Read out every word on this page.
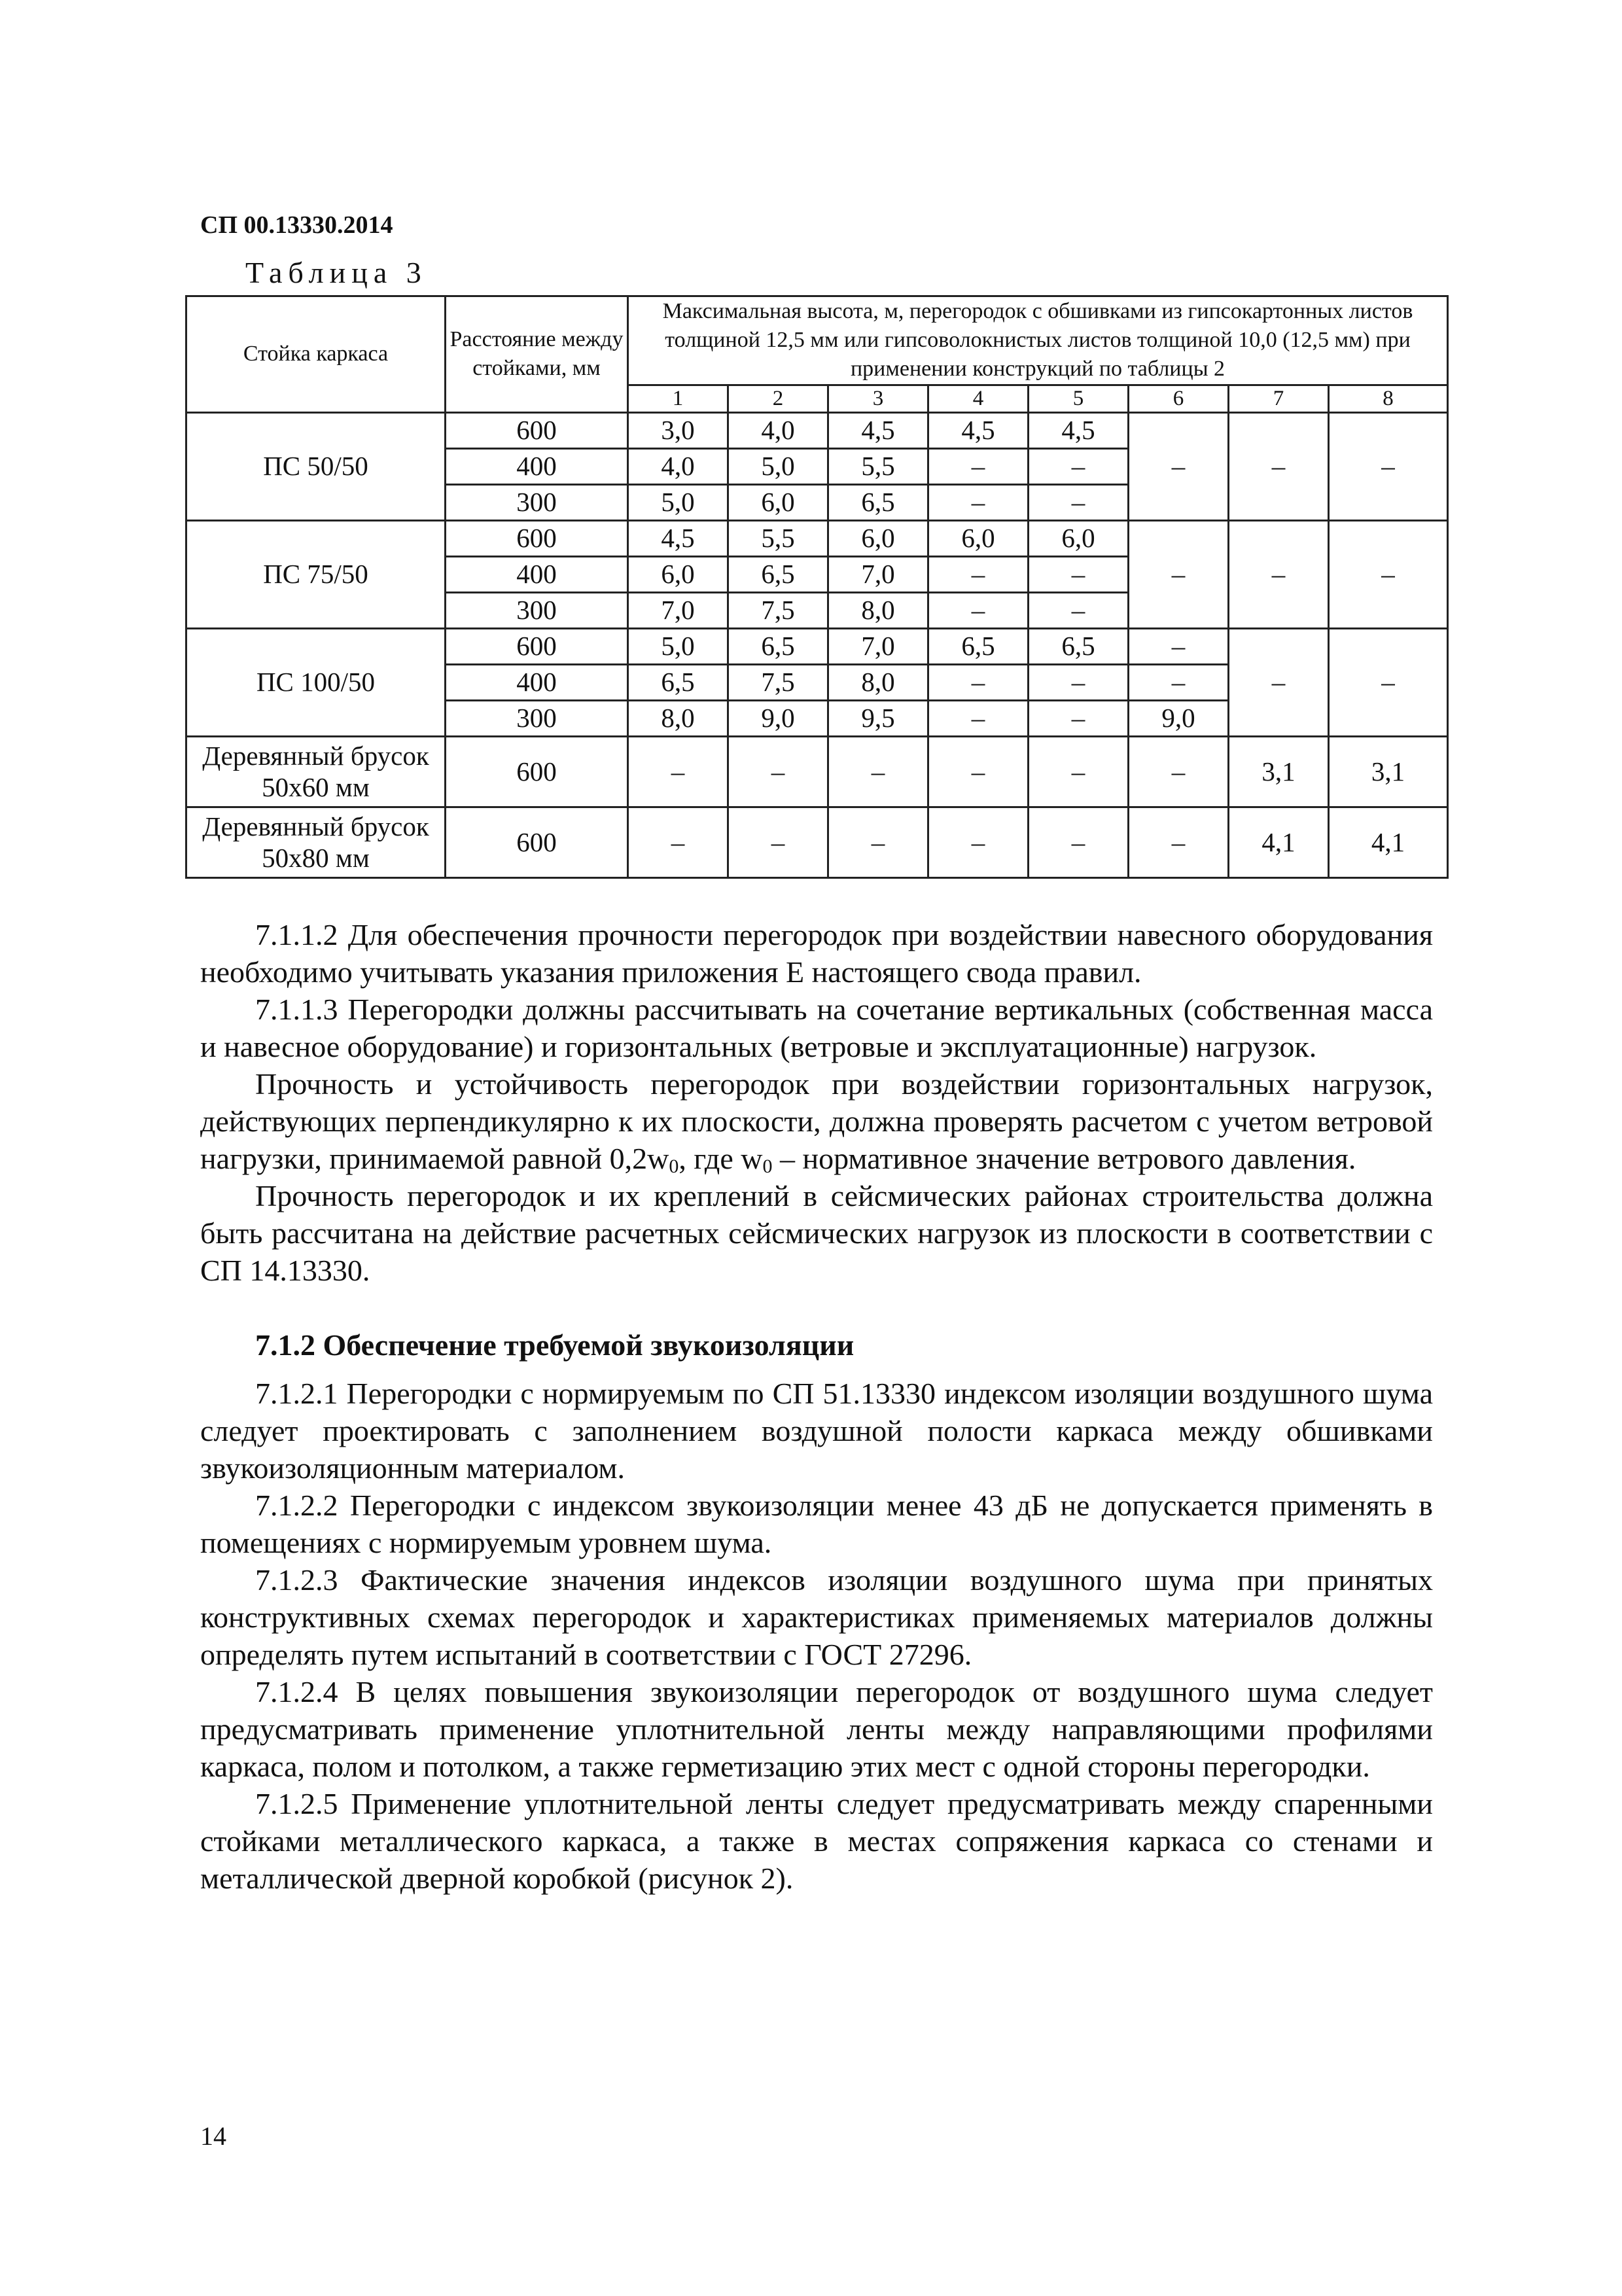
СП 00.13330.2014
Таблица 3
Стойка каркаса	Расстояние между стойками, мм	Максимальная высота, м, перегородок с обшивками из гипсокартонных листов толщиной 12,5 мм или гипсоволокнистых листов толщиной 10,0 (12,5 мм) при применении конструкций по таблицы 2							
		1	2	3	4	5	6	7	8
ПС 50/50	600	3,0	4,0	4,5	4,5	4,5	–	–	–
	400	4,0	5,0	5,5	–	–			
	300	5,0	6,0	6,5	–	–			
ПС 75/50	600	4,5	5,5	6,0	6,0	6,0	–	–	–
	400	6,0	6,5	7,0	–	–			
	300	7,0	7,5	8,0	–	–			
ПС 100/50	600	5,0	6,5	7,0	6,5	6,5	–	–	–
	400	6,5	7,5	8,0	–	–	–		
	300	8,0	9,0	9,5	–	–	9,0		
Деревянный брусок 50х60 мм	600	–	–	–	–	–	–	3,1	3,1
Деревянный брусок 50х80 мм	600	–	–	–	–	–	–	4,1	4,1

7.1.1.2 Для обеспечения прочности перегородок при воздействии навесного оборудования необходимо учитывать указания приложения Е настоящего свода правил.

7.1.1.3 Перегородки должны рассчитывать на сочетание вертикальных (собственная масса и навесное оборудование) и горизонтальных (ветровые и эксплуатационные) нагрузок.

Прочность и устойчивость перегородок при воздействии горизонтальных нагрузок, действующих перпендикулярно к их плоскости, должна проверять расчетом с учетом ветровой нагрузки, принимаемой равной $0,2w_0$, где $w_0$ – нормативное значение ветрового давления.

Прочность перегородок и их креплений в сейсмических районах строительства должна быть рассчитана на действие расчетных сейсмических нагрузок из плоскости в соответствии с СП 14.13330.

7.1.2 Обеспечение требуемой звукоизоляции

7.1.2.1 Перегородки с нормируемым по СП 51.13330 индексом изоляции воздушного шума следует проектировать с заполнением воздушной полости каркаса между обшивками звукоизоляционным материалом.

7.1.2.2 Перегородки с индексом звукоизоляции менее 43 дБ не допускается применять в помещениях с нормируемым уровнем шума.

7.1.2.3 Фактические значения индексов изоляции воздушного шума при принятых конструктивных схемах перегородок и характеристиках применяемых материалов должны определять путем испытаний в соответствии с ГОСТ 27296.

7.1.2.4 В целях повышения звукоизоляции перегородок от воздушного шума следует предусматривать применение уплотнительной ленты между направляющими профилями каркаса, полом и потолком, а также герметизацию этих мест с одной стороны перегородки.

7.1.2.5 Применение уплотнительной ленты следует предусматривать между спаренными стойками металлического каркаса, а также в местах сопряжения каркаса со стенами и металлической дверной коробкой (рисунок 2).

14
